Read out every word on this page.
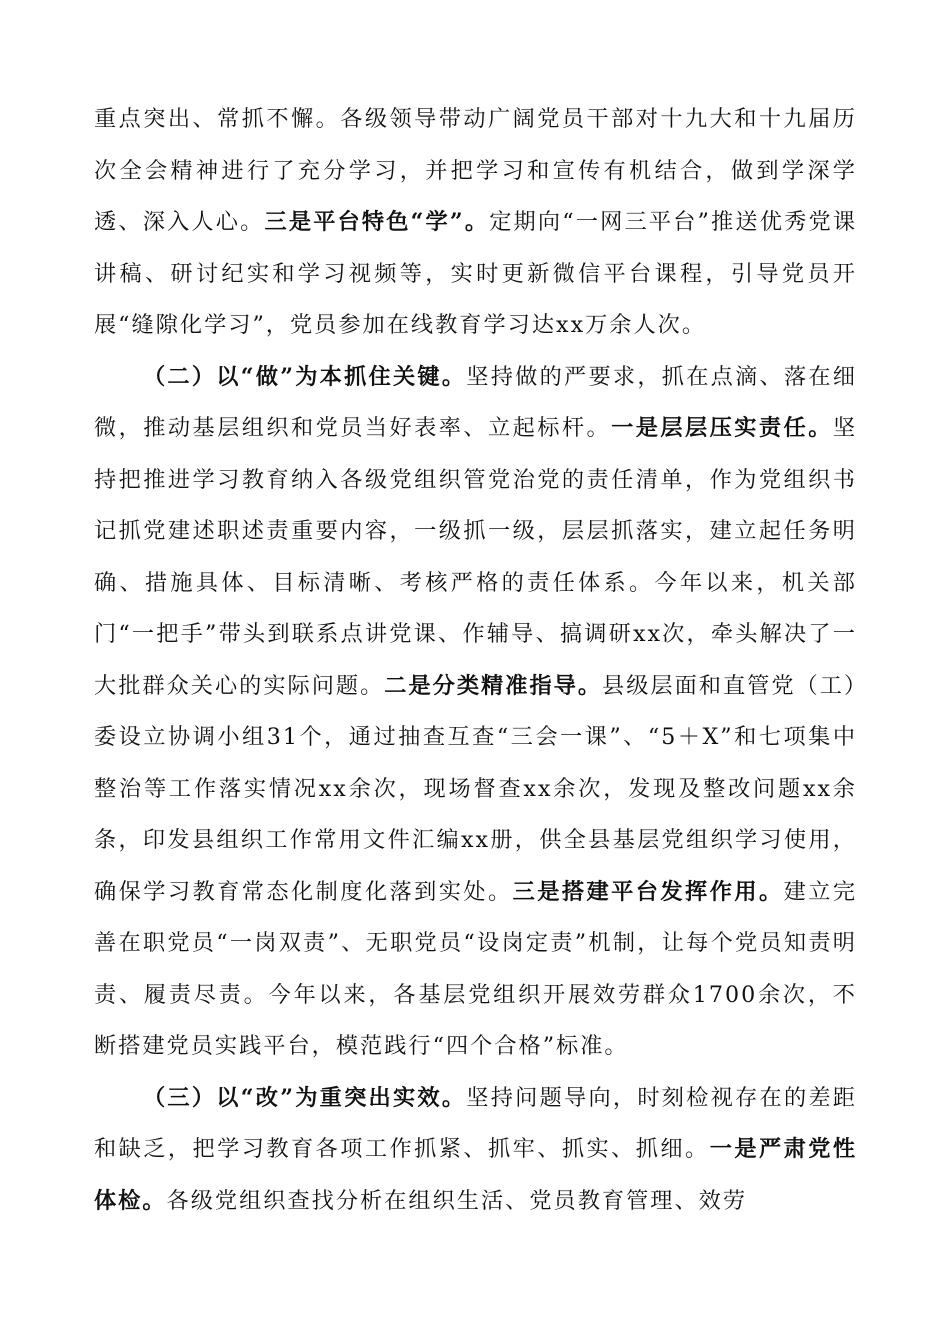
重点突出、常抓不懈。各级领导带动广阔党员干部对十九大和十九届历次全会精神进行了充分学习，并把学习和宣传有机结合，做到学深学透、深入人心。三是平台特色“学”。定期向“一网三平台”推送优秀党课讲稿、研讨纪实和学习视频等，实时更新微信平台课程，引导党员开展“缝隙化学习”，党员参加在线教育学习达xx万余人次。

（二）以“做”为本抓住关键。坚持做的严要求，抓在点滴、落在细微，推动基层组织和党员当好表率、立起标杆。一是层层压实责任。坚持把推进学习教育纳入各级党组织管党治党的责任清单，作为党组织书记抓党建述职述责重要内容，一级抓一级，层层抓落实，建立起任务明确、措施具体、目标清晰、考核严格的责任体系。今年以来，机关部门“一把手”带头到联系点讲党课、作辅导、搞调研xx次，牵头解决了一大批群众关心的实际问题。二是分类精准指导。县级层面和直管党（工）委设立协调小组31个，通过抽查互查“三会一课”、“5＋X”和七项集中整治等工作落实情况xx余次，现场督查xx余次，发现及整改问题xx余条，印发县组织工作常用文件汇编xx册，供全县基层党组织学习使用，确保学习教育常态化制度化落到实处。三是搭建平台发挥作用。建立完善在职党员“一岗双责”、无职党员“设岗定责”机制，让每个党员知责明责、履责尽责。今年以来，各基层党组织开展效劳群众1700余次，不断搭建党员实践平台，模范践行“四个合格”标准。

（三）以“改”为重突出实效。坚持问题导向，时刻检视存在的差距和缺乏，把学习教育各项工作抓紧、抓牢、抓实、抓细。一是严肃党性体检。各级党组织查找分析在组织生活、党员教育管理、效劳
